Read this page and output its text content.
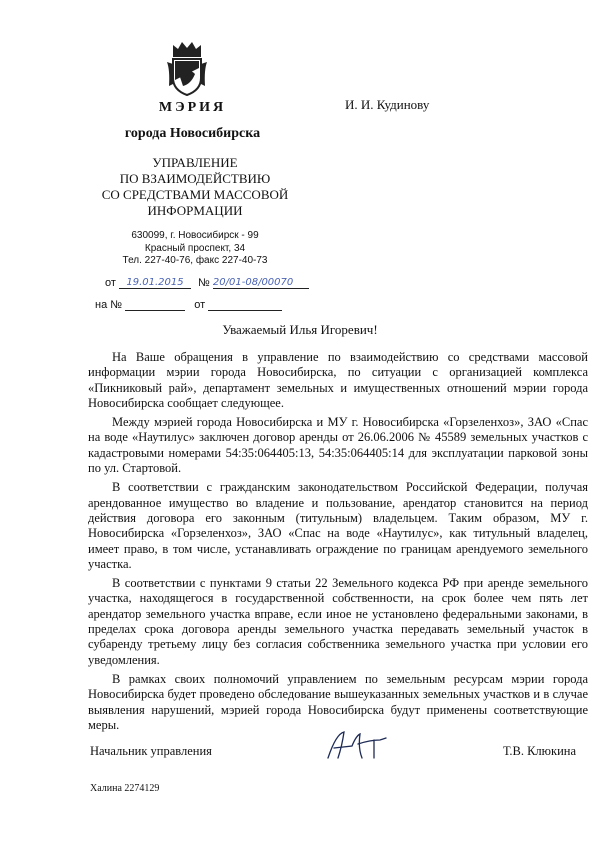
МЭРИЯ
города Новосибирска
УПРАВЛЕНИЕ
ПО ВЗАИМОДЕЙСТВИЮ
СО СРЕДСТВАМИ МАССОВОЙ
ИНФОРМАЦИИ
630099, г. Новосибирск - 99
Красный проспект, 34
Тел. 227-40-76, факс 227-40-73
И. И. Кудинову
от 19.01.2015 № 20/01-08/00070
на №	от
Уважаемый Илья Игоревич!

На Ваше обращения в управление по взаимодействию со средствами массовой информации мэрии города Новосибирска, по ситуации с организацией комплекса «Пикниковый рай», департамент земельных и имущественных отношений мэрии города Новосибирска сообщает следующее.

Между мэрией города Новосибирска и МУ г. Новосибирска «Горзеленхоз», ЗАО «Спас на воде «Наутилус» заключен договор аренды от 26.06.2006 № 45589 земельных участков с кадастровыми номерами 54:35:064405:13, 54:35:064405:14 для эксплуатации парковой зоны по ул. Стартовой.

В соответствии с гражданским законодательством Российской Федерации, получая арендованное имущество во владение и пользование, арендатор становится на период действия договора его законным (титульным) владельцем. Таким образом, МУ г. Новосибирска «Горзеленхоз», ЗАО «Спас на воде «Наутилус», как титульный владелец, имеет право, в том числе, устанавливать ограждение по границам арендуемого земельного участка.

В соответствии с пунктами 9 статьи 22 Земельного кодекса РФ при аренде земельного участка, находящегося в государственной собственности, на срок более чем пять лет арендатор земельного участка вправе, если иное не установлено федеральными законами, в пределах срока договора аренды земельного участка передавать земельный участок в субаренду третьему лицу без согласия собственника земельного участка при условии его уведомления.

В рамках своих полномочий управлением по земельным ресурсам мэрии города Новосибирска будет проведено обследование вышеуказанных земельных участков и в случае выявления нарушений, мэрией города Новосибирска будут применены соответствующие меры.

Начальник управления	Т.В. Клюкина
Халина 2274129
